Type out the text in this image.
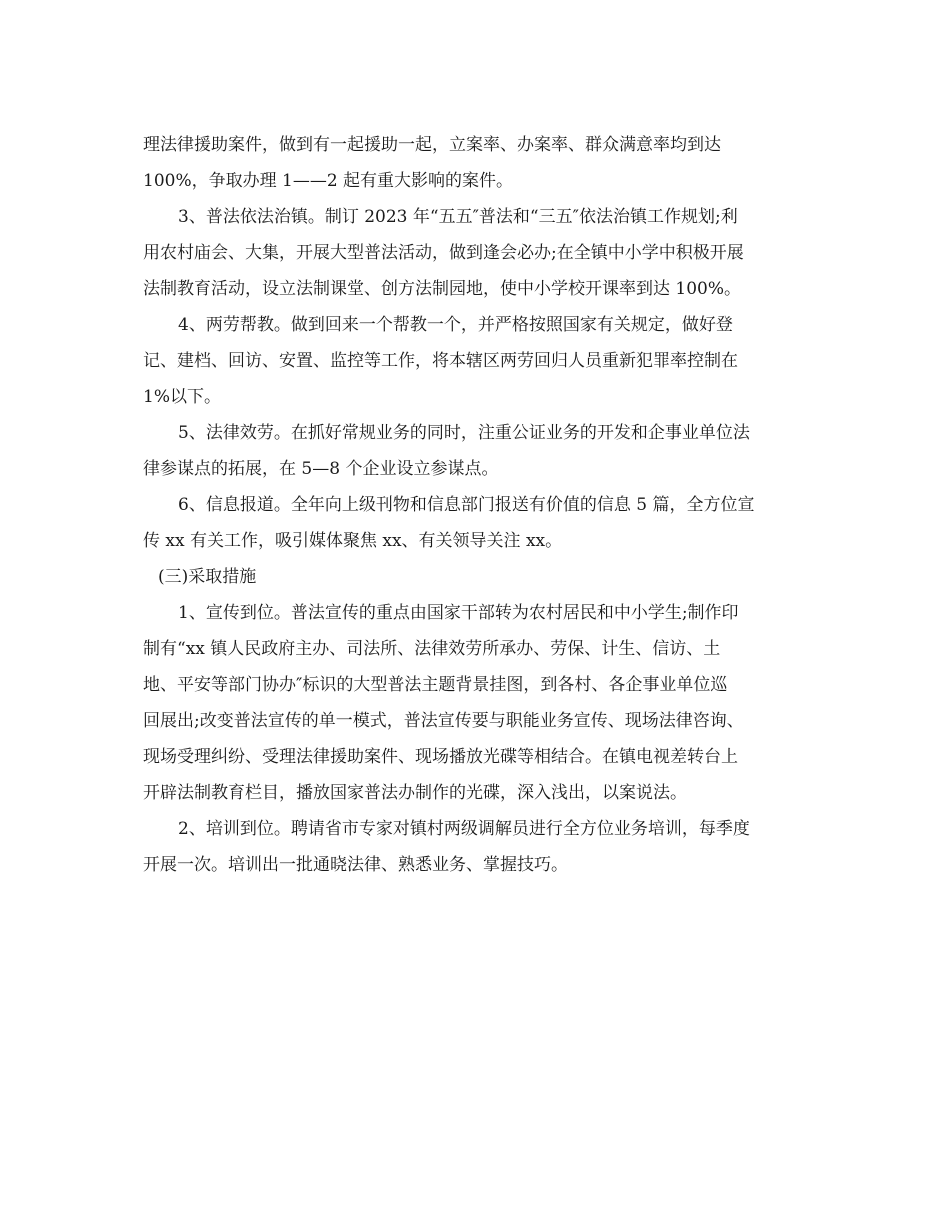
理法律援助案件，做到有一起援助一起，立案率、办案率、群众满意率均到达
100%，争取办理 1——2 起有重大影响的案件。
3、普法依法治镇。制订 2023 年“五五″普法和“三五″依法治镇工作规划;利
用农村庙会、大集，开展大型普法活动，做到逢会必办;在全镇中小学中积极开展
法制教育活动，设立法制课堂、创方法制园地，使中小学校开课率到达 100%。
4、两劳帮教。做到回来一个帮教一个，并严格按照国家有关规定，做好登
记、建档、回访、安置、监控等工作，将本辖区两劳回归人员重新犯罪率控制在
1%以下。
5、法律效劳。在抓好常规业务的同时，注重公证业务的开发和企事业单位法
律参谋点的拓展，在 5—8 个企业设立参谋点。
6、信息报道。全年向上级刊物和信息部门报送有价值的信息 5 篇，全方位宣
传 xx 有关工作，吸引媒体聚焦 xx、有关领导关注 xx。
(三)采取措施
1、宣传到位。普法宣传的重点由国家干部转为农村居民和中小学生;制作印
制有“xx 镇人民政府主办、司法所、法律效劳所承办、劳保、计生、信访、土
地、平安等部门协办″标识的大型普法主题背景挂图，到各村、各企事业单位巡
回展出;改变普法宣传的单一模式，普法宣传要与职能业务宣传、现场法律咨询、
现场受理纠纷、受理法律援助案件、现场播放光碟等相结合。在镇电视差转台上
开辟法制教育栏目，播放国家普法办制作的光碟，深入浅出，以案说法。
2、培训到位。聘请省市专家对镇村两级调解员进行全方位业务培训，每季度
开展一次。培训出一批通晓法律、熟悉业务、掌握技巧。
